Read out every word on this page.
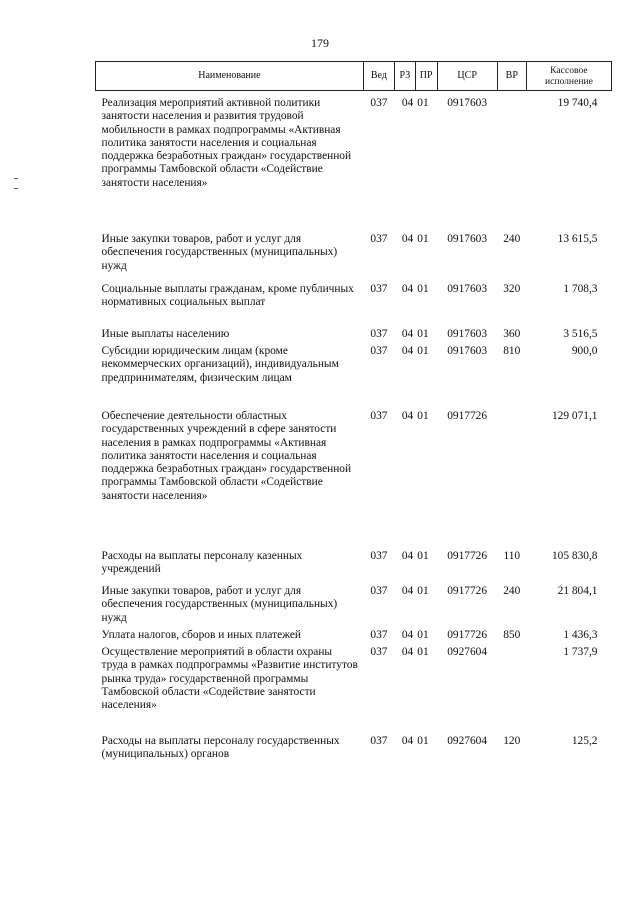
179
Наименование	Вед	РЗ	ПР	ЦСР	ВР	Кассовое исполнение
Реализация мероприятий активной политики занятости населения и развития трудовой мобильности в рамках подпрограммы «Активная политика занятости населения и социальная поддержка безработных граждан» государственной программы Тамбовской области «Содействие занятости населения»	037	04	01	0917603		19 740,4
Иные закупки товаров, работ и услуг для обеспечения государственных (муниципальных) нужд	037	04	01	0917603	240	13 615,5
Социальные выплаты гражданам, кроме публичных нормативных социальных выплат	037	04	01	0917603	320	1 708,3
Иные выплаты населению	037	04	01	0917603	360	3 516,5
Субсидии юридическим лицам (кроме некоммерческих организаций), индивидуальным предпринимателям, физическим лицам	037	04	01	0917603	810	900,0
Обеспечение деятельности областных государственных учреждений в сфере занятости населения в рамках подпрограммы «Активная политика занятости населения и социальная поддержка безработных граждан» государственной программы Тамбовской области «Содействие занятости населения»	037	04	01	0917726		129 071,1
Расходы на выплаты персоналу казенных учреждений	037	04	01	0917726	110	105 830,8
Иные закупки товаров, работ и услуг для обеспечения государственных (муниципальных) нужд	037	04	01	0917726	240	21 804,1
Уплата налогов, сборов и иных платежей	037	04	01	0917726	850	1 436,3
Осуществление мероприятий в области охраны труда в рамках подпрограммы «Развитие институтов рынка труда» государственной программы Тамбовской области «Содействие занятости населения»	037	04	01	0927604		1 737,9
Расходы на выплаты персоналу государственных (муниципальных) органов	037	04	01	0927604	120	125,2
